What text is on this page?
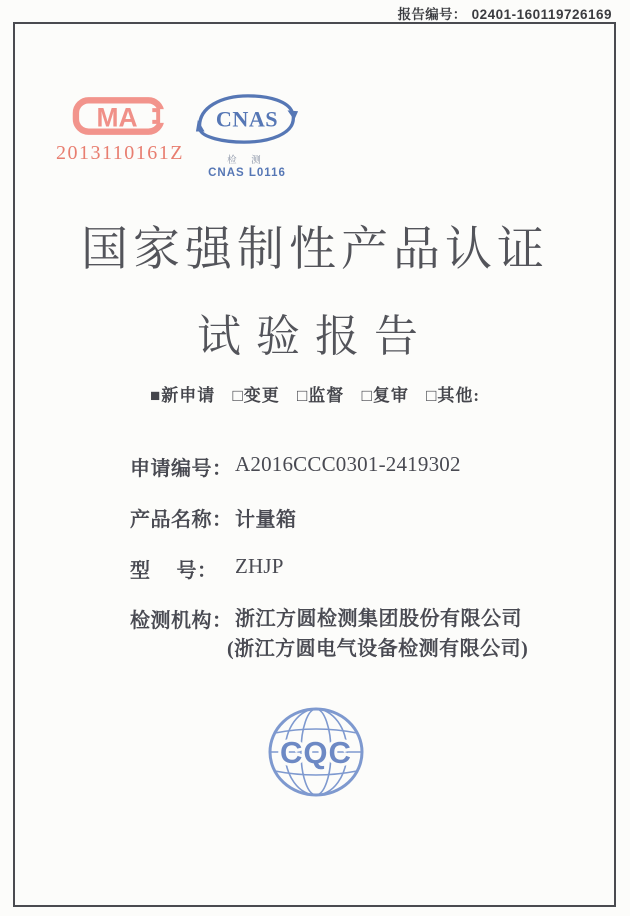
报告编号： 02401-160119726169
MA
2013110161Z
CNAS
检 测
CNAS L0116
国家强制性产品认证
试验报告
■新申请 □变更 □监督 □复审 □其他:
申请编号： A2016CCC0301-2419302
产品名称： 计量箱
型　 号： ZHJP
检测机构： 浙江方圆检测集团股份有限公司
(浙江方圆电气设备检测有限公司)
CQC
